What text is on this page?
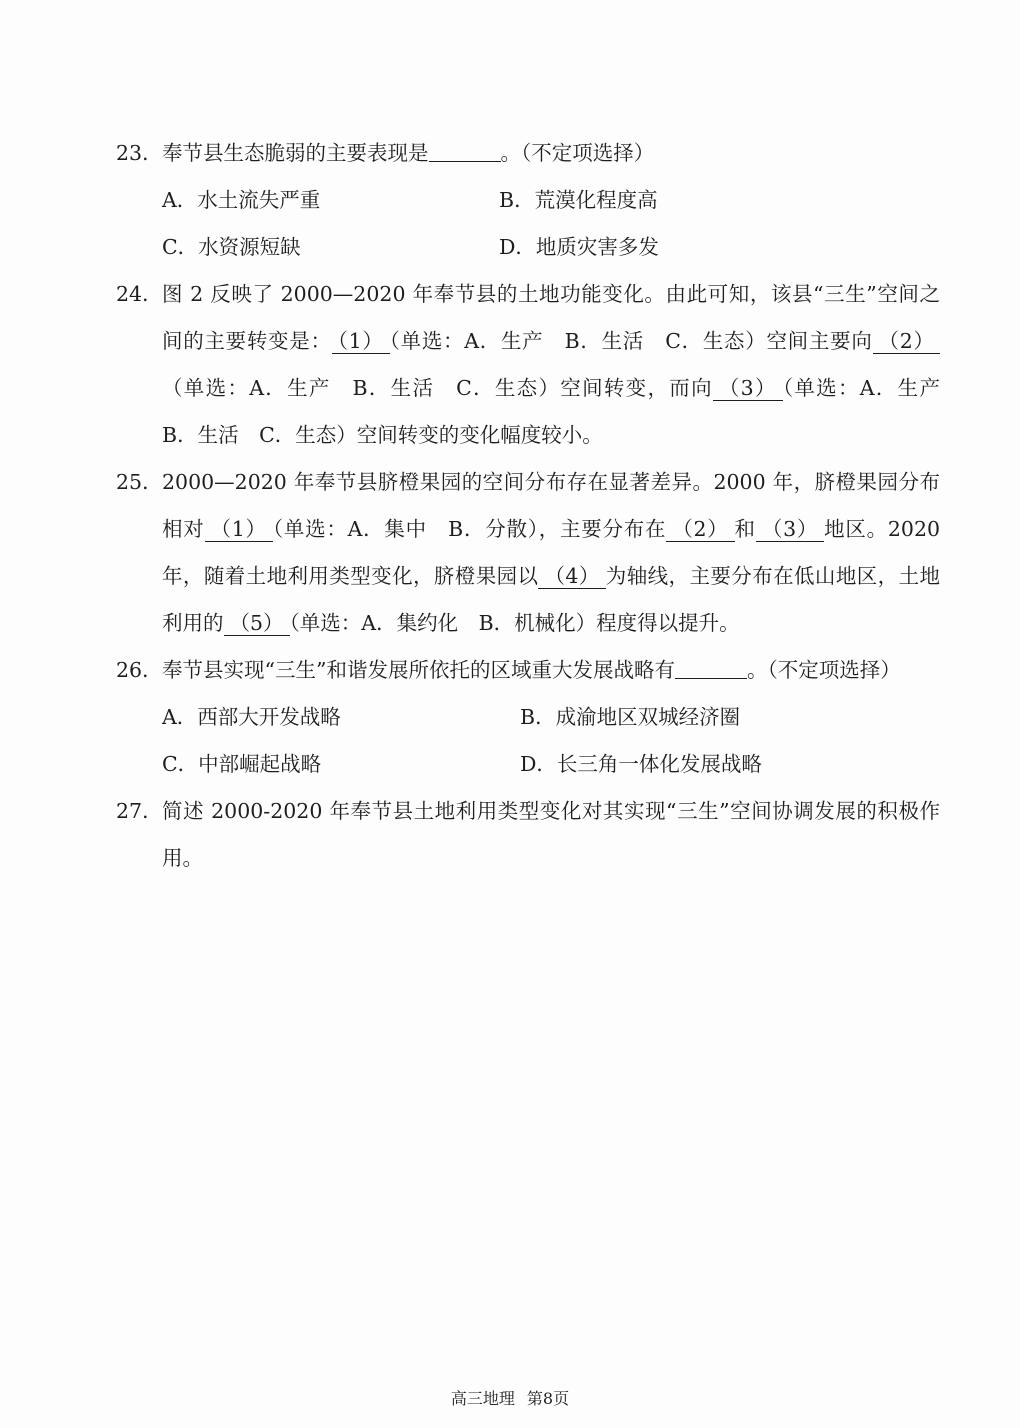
23． 奉节县生态脆弱的主要表现是	。（不定项选择）
A．水土流失严重	B．荒漠化程度高
C．水资源短缺	D．地质灾害多发
24． 图 2 反映了 2000—2020 年奉节县的土地功能变化。由此可知，该县“三生”空间之间的主要转变是： （1） （单选：A．生产　B．生活　C．生态）空间主要向 （2）（单选：A．生产　B．生活　C．生态）空间转变，而向 （3） （单选：A．生产　B．生活　C．生态）空间转变的变化幅度较小。
25． 2000—2020 年奉节县脐橙果园的空间分布存在显著差异。2000 年，脐橙果园分布相对 （1） （单选：A．集中　B．分散），主要分布在 （2） 和 （3） 地区。2020 年，随着土地利用类型变化，脐橙果园以 （4） 为轴线，主要分布在低山地区，土地利用的 （5） （单选：A．集约化　B．机械化）程度得以提升。
26． 奉节县实现“三生”和谐发展所依托的区域重大发展战略有	。（不定项选择）
A．西部大开发战略	B．成渝地区双城经济圈
C．中部崛起战略	D．长三角一体化发展战略
27． 简述 2000-2020 年奉节县土地利用类型变化对其实现“三生”空间协调发展的积极作用。
高三地理 第8页
